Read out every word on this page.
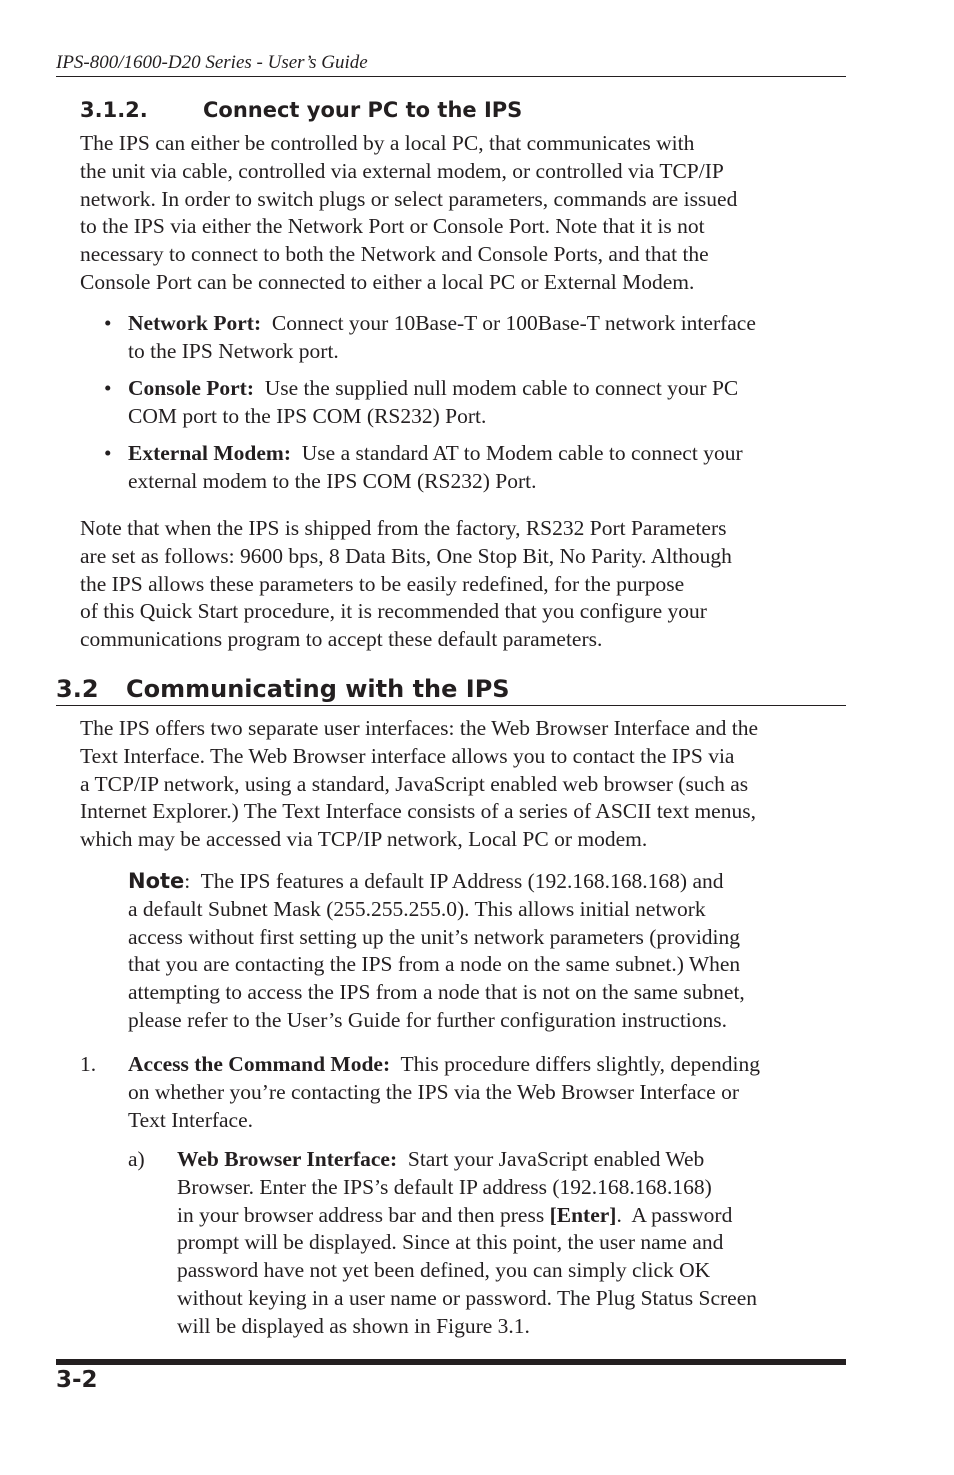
IPS-800/1600-D20 Series - User’s Guide
3.1.2.	Connect your PC to the IPS

The IPS can either be controlled by a local PC, that communicates with
the unit via cable, controlled via external modem, or controlled via TCP/IP
network. In order to switch plugs or select parameters, commands are issued
to the IPS via either the Network Port or Console Port. Note that it is not
necessary to connect to both the Network and Console Ports, and that the
Console Port can be connected to either a local PC or External Modem.

• Network Port:  Connect your 10Base-T or 100Base-T network interface
to the IPS Network port.
• Console Port:  Use the supplied null modem cable to connect your PC
COM port to the IPS COM (RS232) Port.
• External Modem:  Use a standard AT to Modem cable to connect your
external modem to the IPS COM (RS232) Port.

Note that when the IPS is shipped from the factory, RS232 Port Parameters
are set as follows: 9600 bps, 8 Data Bits, One Stop Bit, No Parity. Although
the IPS allows these parameters to be easily redefined, for the purpose
of this Quick Start procedure, it is recommended that you configure your
communications program to accept these default parameters.

3.2 Communicating with the IPS

The IPS offers two separate user interfaces: the Web Browser Interface and the
Text Interface. The Web Browser interface allows you to contact the IPS via
a TCP/IP network, using a standard, JavaScript enabled web browser (such as
Internet Explorer.) The Text Interface consists of a series of ASCII text menus,
which may be accessed via TCP/IP network, Local PC or modem.

Note:  The IPS features a default IP Address (192.168.168.168) and
a default Subnet Mask (255.255.255.0). This allows initial network
access without first setting up the unit’s network parameters (providing
that you are contacting the IPS from a node on the same subnet.) When
attempting to access the IPS from a node that is not on the same subnet,
please refer to the User’s Guide for further configuration instructions.

1. Access the Command Mode:  This procedure differs slightly, depending
on whether you’re contacting the IPS via the Web Browser Interface or
Text Interface.
a) Web Browser Interface:  Start your JavaScript enabled Web
Browser. Enter the IPS’s default IP address (192.168.168.168)
in your browser address bar and then press [Enter].  A password
prompt will be displayed. Since at this point, the user name and
password have not yet been defined, you can simply click OK
without keying in a user name or password. The Plug Status Screen
will be displayed as shown in Figure 3.1.
3-2
